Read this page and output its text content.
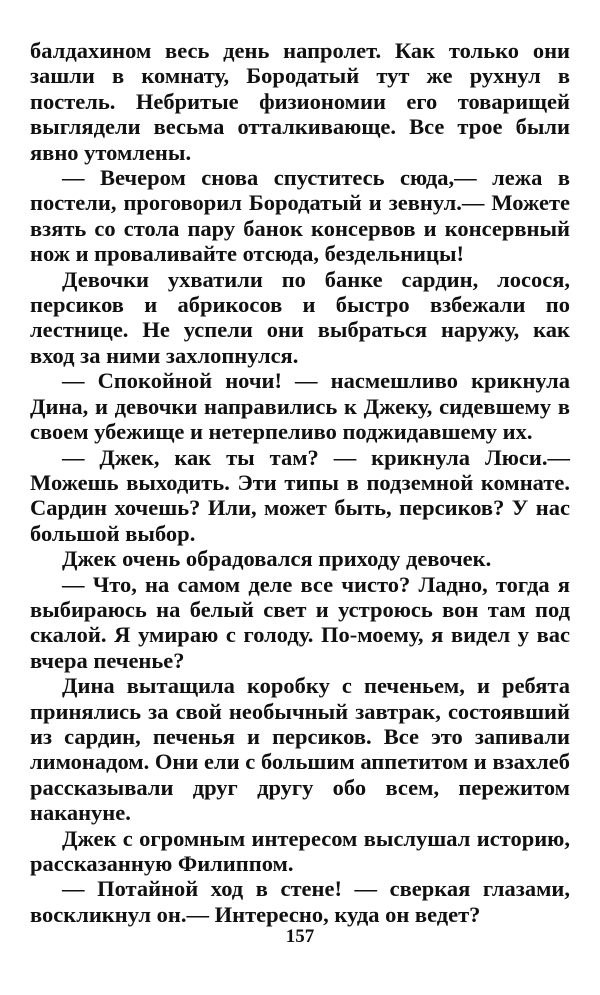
балдахином весь день напролет. Как только они зашли в комнату, Бородатый тут же рухнул в постель. Небритые физиономии его товарищей выглядели весьма отталкивающе. Все трое были явно утомлены.

— Вечером снова спуститесь сюда,— лежа в постели, проговорил Бородатый и зевнул.— Можете взять со стола пару банок консервов и консервный нож и проваливайте отсюда, бездельницы!

Девочки ухватили по банке сардин, лосося, персиков и абрикосов и быстро взбежали по лестнице. Не успели они выбраться наружу, как вход за ними захлопнулся.

— Спокойной ночи! — насмешливо крикнула Дина, и девочки направились к Джеку, сидевшему в своем убежище и нетерпеливо поджидавшему их.

— Джек, как ты там? — крикнула Люси.— Можешь выходить. Эти типы в подземной комнате. Сардин хочешь? Или, может быть, персиков? У нас большой выбор.

Джек очень обрадовался приходу девочек.

— Что, на самом деле все чисто? Ладно, тогда я выбираюсь на белый свет и устроюсь вон там под скалой. Я умираю с голоду. По-моему, я видел у вас вчера печенье?

Дина вытащила коробку с печеньем, и ребята принялись за свой необычный завтрак, состоявший из сардин, печенья и персиков. Все это запивали лимонадом. Они ели с большим аппетитом и взахлеб рассказывали друг другу обо всем, пережитом накануне.

Джек с огромным интересом выслушал историю, рассказанную Филиппом.

— Потайной ход в стене! — сверкая глазами, воскликнул он.— Интересно, куда он ведет?

157
